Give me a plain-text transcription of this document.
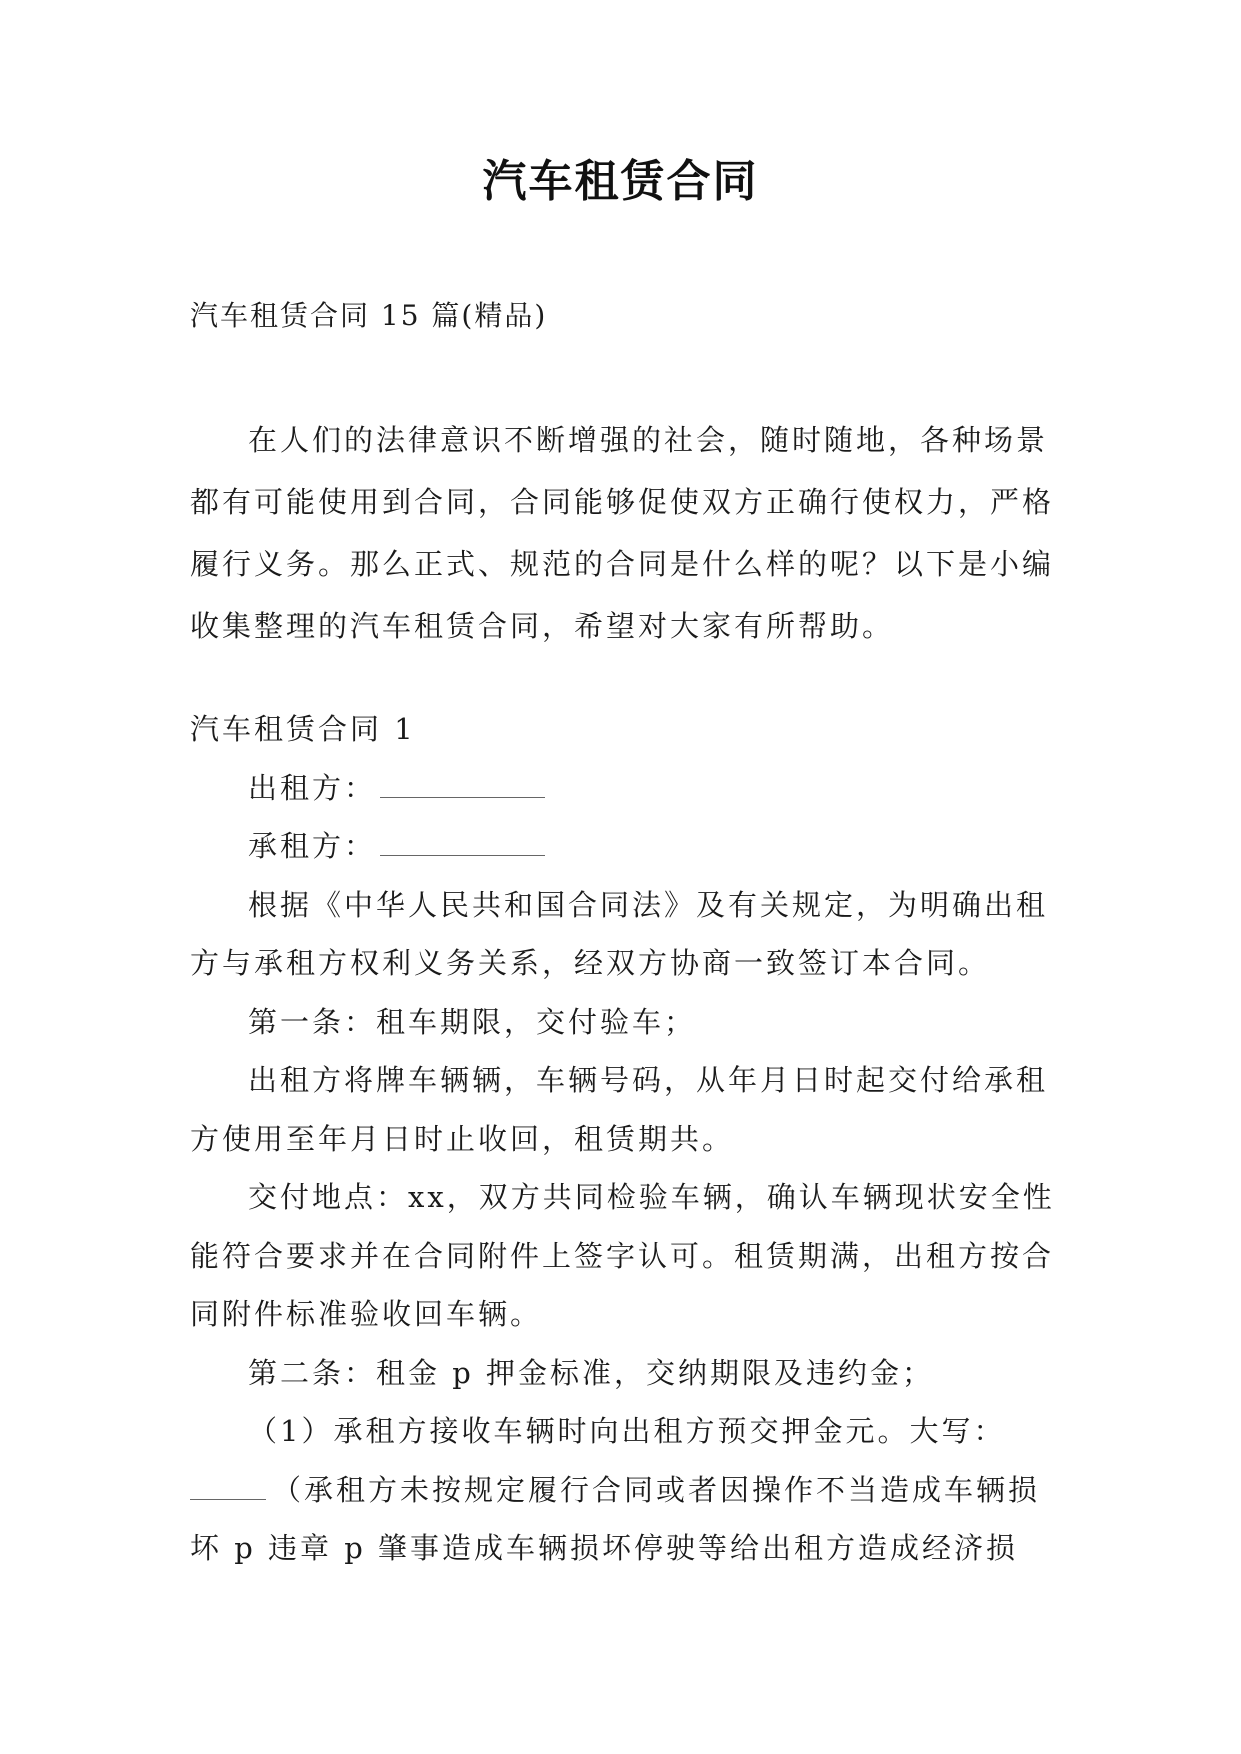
汽车租赁合同
汽车租赁合同 15 篇(精品)

在人们的法律意识不断增强的社会，随时随地，各种场景都有可能使用到合同，合同能够促使双方正确行使权力，严格履行义务。那么正式、规范的合同是什么样的呢？以下是小编收集整理的汽车租赁合同，希望对大家有所帮助。

汽车租赁合同 1

出租方：

承租方：

根据《中华人民共和国合同法》及有关规定，为明确出租方与承租方权利义务关系，经双方协商一致签订本合同。

第一条：租车期限，交付验车；

出租方将牌车辆辆，车辆号码，从年月日时起交付给承租方使用至年月日时止收回，租赁期共。

交付地点：xx，双方共同检验车辆，确认车辆现状安全性能符合要求并在合同附件上签字认可。租赁期满，出租方按合同附件标准验收回车辆。

第二条：租金 p 押金标准，交纳期限及违约金；

（1）承租方接收车辆时向出租方预交押金元。大写：

（承租方未按规定履行合同或者因操作不当造成车辆损坏 p 违章 p 肇事造成车辆损坏停驶等给出租方造成经济损
